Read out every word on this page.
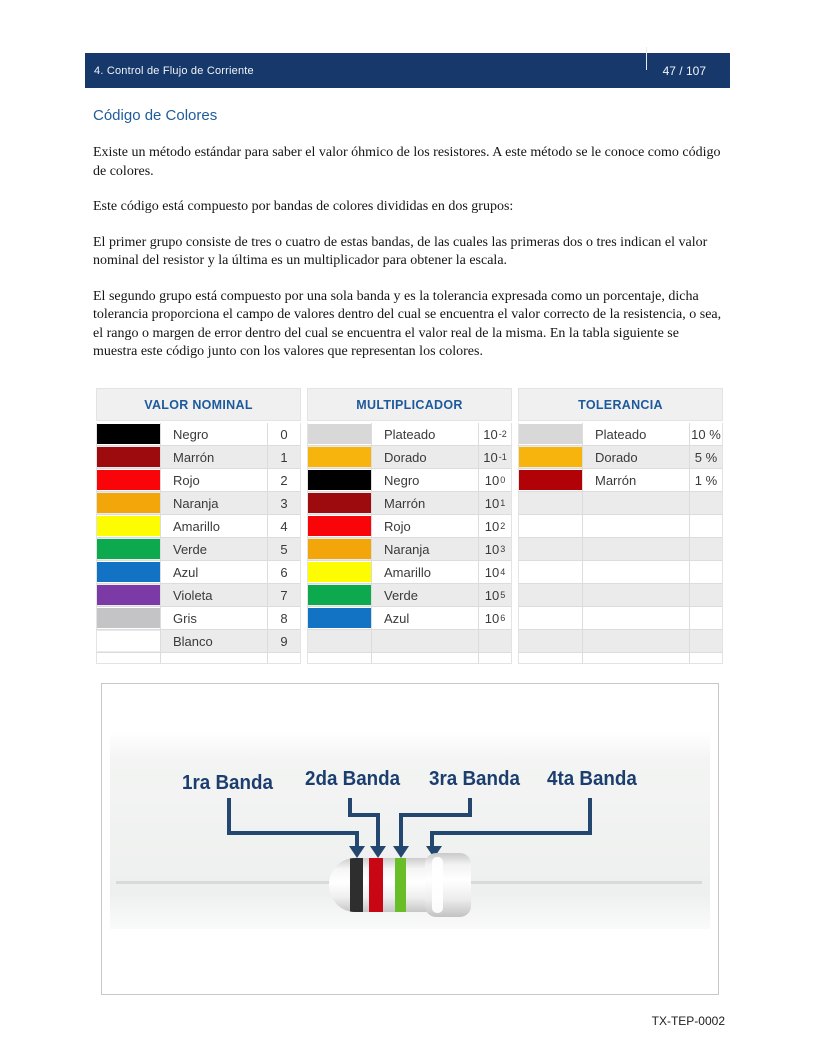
4. Control de Flujo de Corriente	47 / 107
Código de Colores

Existe un método estándar para saber el valor óhmico de los resistores. A este método se le conoce como código de colores.

Este código está compuesto por bandas de colores divididas en dos grupos:

El primer grupo consiste de tres o cuatro de estas bandas, de las cuales las primeras dos o tres indican el valor nominal del resistor y la última es un multiplicador para obtener la escala.

El segundo grupo está compuesto por una sola banda y es la tolerancia expresada como un porcentaje, dicha tolerancia proporciona el campo de valores dentro del cual se encuentra el valor correcto de la resistencia, o sea, el rango o margen de error dentro del cual se encuentra el valor real de la misma. En la tabla siguiente se muestra este código junto con los valores que representan los colores.

VALOR NOMINAL
Negro	0
Marrón	1
Rojo	2
Naranja	3
Amarillo	4
Verde	5
Azul	6
Violeta	7
Gris	8
Blanco	9
MULTIPLICADOR
Plateado	10 -2
Dorado	10 -1
Negro	10 0
Marrón	10 1
Rojo	10 2
Naranja	10 3
Amarillo	10 4
Verde	10 5
Azul	10 6
TOLERANCIA
Plateado	10 %
Dorado	5 %
Marrón	1 %
1ra Banda 2da Banda 3ra Banda 4ta Banda
TX-TEP-0002
